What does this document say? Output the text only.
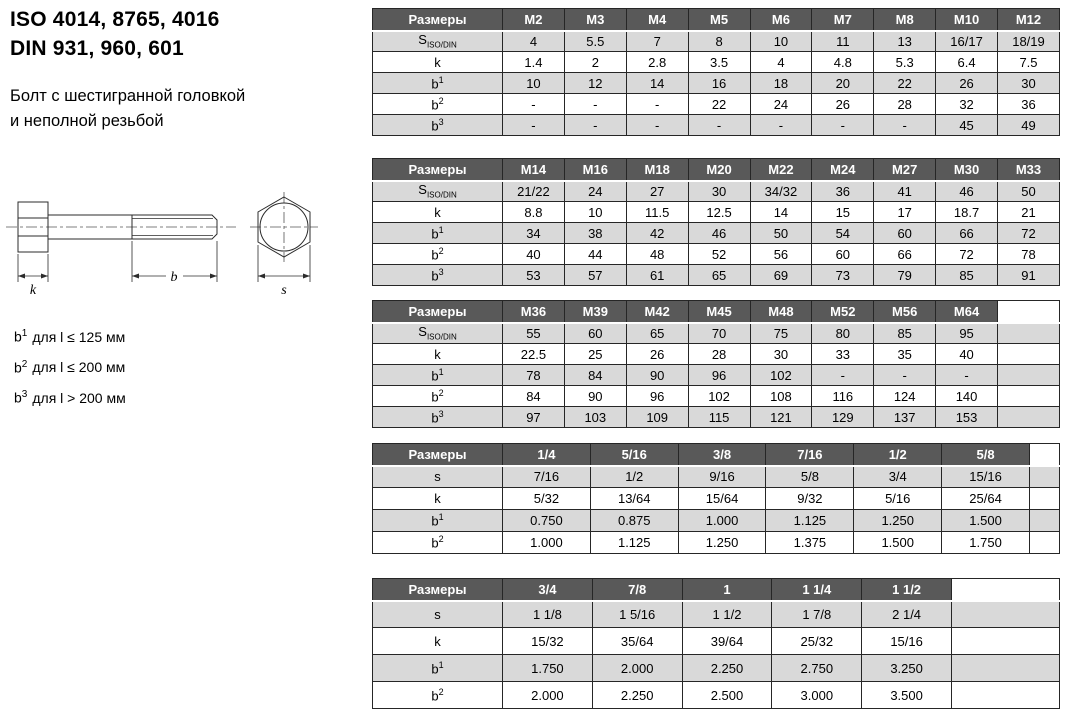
ISO 4014, 8765, 4016
DIN 931, 960, 601
Болт с шестигранной головкой
и неполной резьбой
k
b
s
$b^1$ для l ≤ 125 мм
$b^2$ для l ≤ 200 мм
$b^3$ для l > 200 мм
Размеры	M2	M3	M4	M5	M6	M7	M8	M10	M12
$S_{ISO/DIN}$	4	5.5	7	8	10	11	13	16/17	18/19
k	1.4	2	2.8	3.5	4	4.8	5.3	6.4	7.5
$b^1$	10	12	14	16	18	20	22	26	30
$b^2$	-	-	-	22	24	26	28	32	36
$b^3$	-	-	-	-	-	-	-	45	49
Размеры	M14	M16	M18	M20	M22	M24	M27	M30	M33
$S_{ISO/DIN}$	21/22	24	27	30	34/32	36	41	46	50
k	8.8	10	11.5	12.5	14	15	17	18.7	21
$b^1$	34	38	42	46	50	54	60	66	72
$b^2$	40	44	48	52	56	60	66	72	78
$b^3$	53	57	61	65	69	73	79	85	91
Размеры	M36	M39	M42	M45	M48	M52	M56	M64	
$S_{ISO/DIN}$	55	60	65	70	75	80	85	95	
k	22.5	25	26	28	30	33	35	40	
$b^1$	78	84	90	96	102	-	-	-	
$b^2$	84	90	96	102	108	116	124	140	
$b^3$	97	103	109	115	121	129	137	153	
Размеры	1/4	5/16	3/8	7/16	1/2	5/8	
s	7/16	1/2	9/16	5/8	3/4	15/16	
k	5/32	13/64	15/64	9/32	5/16	25/64	
$b^1$	0.750	0.875	1.000	1.125	1.250	1.500	
$b^2$	1.000	1.125	1.250	1.375	1.500	1.750	
Размеры	3/4	7/8	1	1 1/4	1 1/2	
s	1 1/8	1 5/16	1 1/2	1 7/8	2 1/4	
k	15/32	35/64	39/64	25/32	15/16	
$b^1$	1.750	2.000	2.250	2.750	3.250	
$b^2$	2.000	2.250	2.500	3.000	3.500	
